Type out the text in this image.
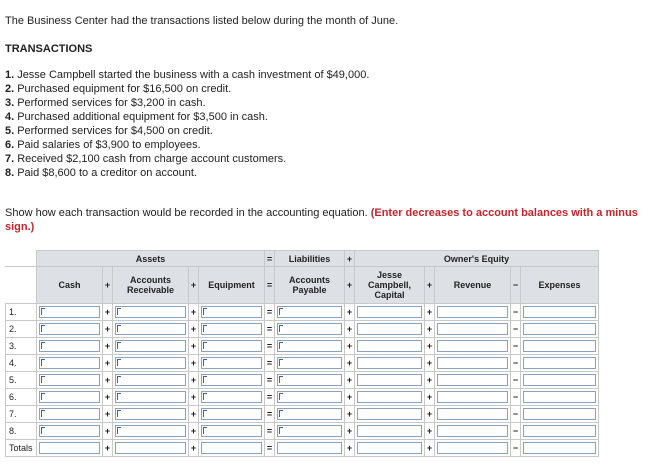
The Business Center had the transactions listed below during the month of June.
TRANSACTIONS
1. Jesse Campbell started the business with a cash investment of $49,000.
2. Purchased equipment for $16,500 on credit.
3. Performed services for $3,200 in cash.
4. Purchased additional equipment for $3,500 in cash.
5. Performed services for $4,500 on credit.
6. Paid salaries of $3,900 to employees.
7. Received $2,100 cash from charge account customers.
8. Paid $8,600 to a creditor on account.
Show how each transaction would be recorded in the accounting equation. (Enter decreases to account balances with a minus sign.)
	Assets					=	Liabilities	+	Owner's Equity				
	Cash	+	Accounts Receivable	+	Equipment	=	Accounts Payable	+	Jesse Campbell, Capital	+	Revenue	−	Expenses
1.		+		+		=		+		+		−	

2.		+		+		=		+		+		−	

3.		+		+		=		+		+		−	

4.		+		+		=		+		+		−	

5.		+		+		=		+		+		−	

6.		+		+		=		+		+		−	

7.		+		+		=		+		+		−	

8.		+		+		=		+		+		−	

Totals		+		+		=		+		+		−	
